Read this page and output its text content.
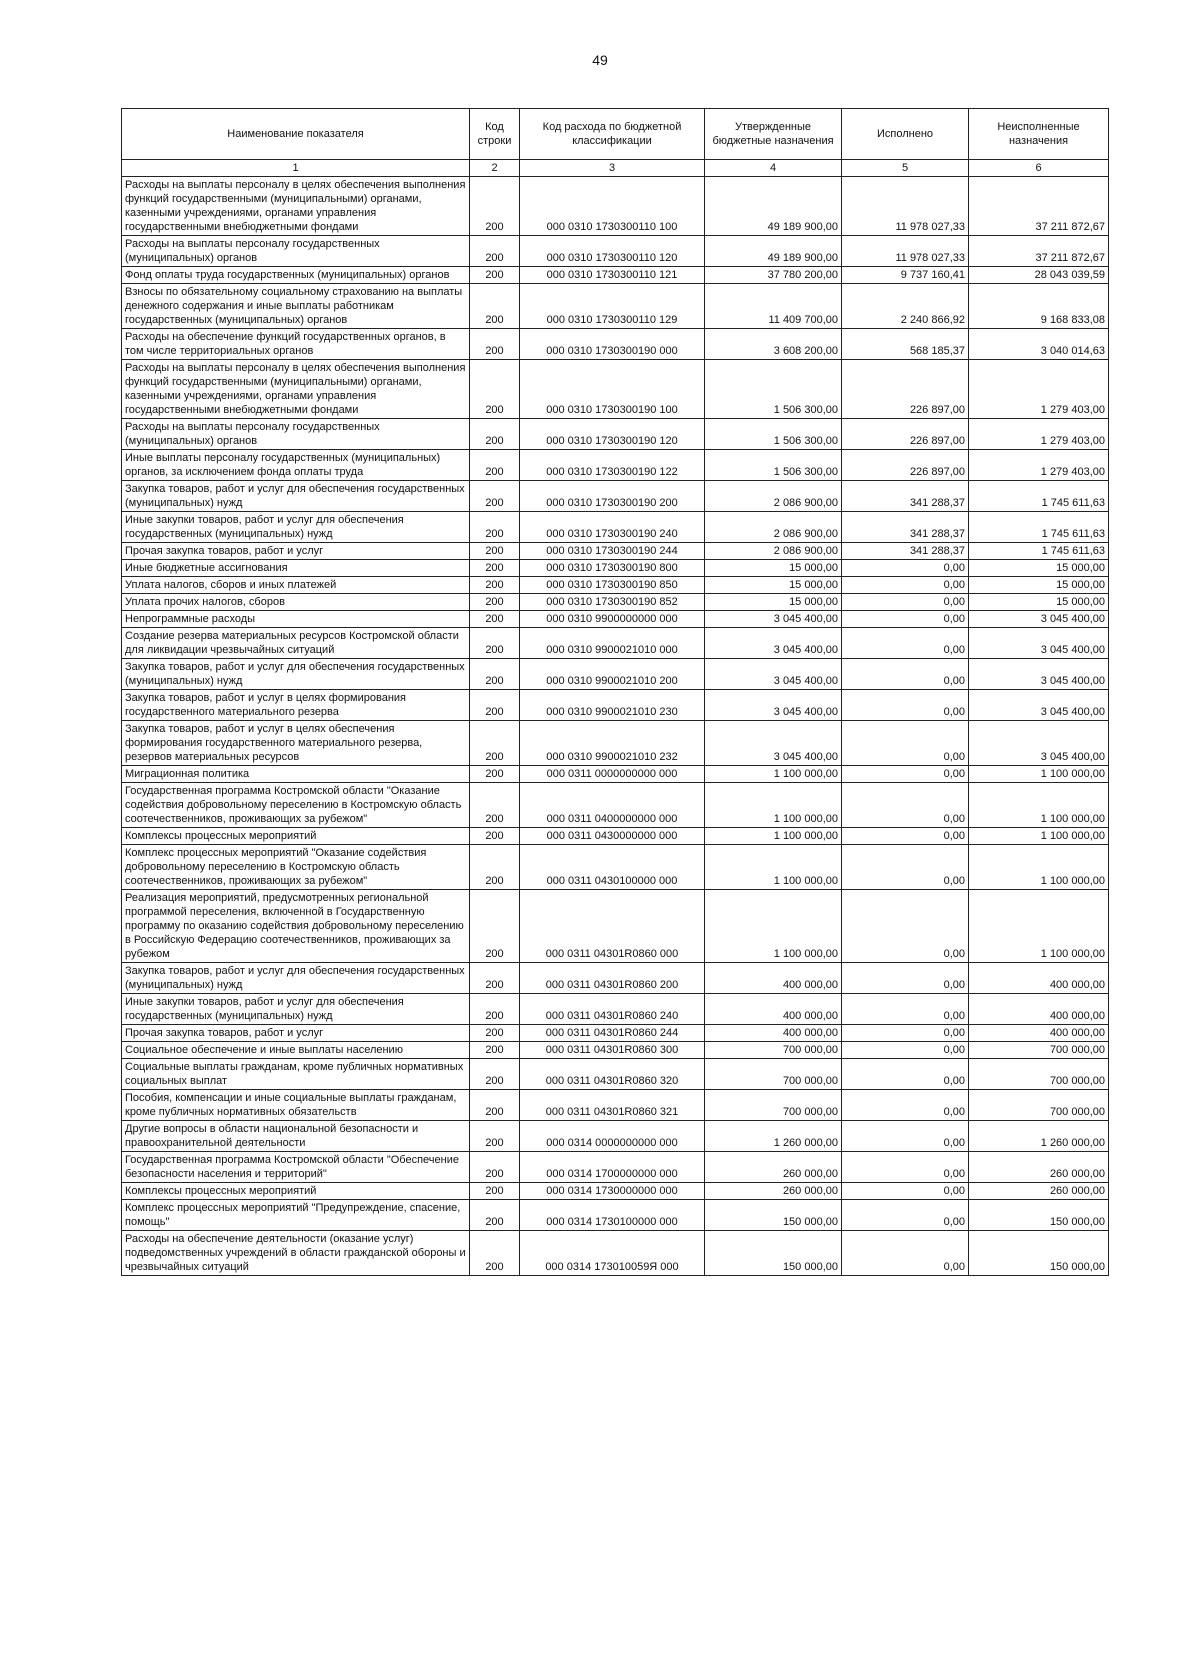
49
Наименование показателя	Код строки	Код расхода по бюджетной классификации	Утвержденные бюджетные назначения	Исполнено	Неисполненные назначения
1	2	3	4	5	6
Расходы на выплаты персоналу в целях обеспечения выполнения функций государственными (муниципальными) органами, казенными учреждениями, органами управления государственными внебюджетными фондами	200	000 0310 1730300110 100	49 189 900,00	11 978 027,33	37 211 872,67
Расходы на выплаты персоналу государственных (муниципальных) органов	200	000 0310 1730300110 120	49 189 900,00	11 978 027,33	37 211 872,67
Фонд оплаты труда государственных (муниципальных) органов	200	000 0310 1730300110 121	37 780 200,00	9 737 160,41	28 043 039,59
Взносы по обязательному социальному страхованию на выплаты денежного содержания и иные выплаты работникам государственных (муниципальных) органов	200	000 0310 1730300110 129	11 409 700,00	2 240 866,92	9 168 833,08
Расходы на обеспечение функций государственных органов, в том числе территориальных органов	200	000 0310 1730300190 000	3 608 200,00	568 185,37	3 040 014,63
Расходы на выплаты персоналу в целях обеспечения выполнения функций государственными (муниципальными) органами, казенными учреждениями, органами управления государственными внебюджетными фондами	200	000 0310 1730300190 100	1 506 300,00	226 897,00	1 279 403,00
Расходы на выплаты персоналу государственных (муниципальных) органов	200	000 0310 1730300190 120	1 506 300,00	226 897,00	1 279 403,00
Иные выплаты персоналу государственных (муниципальных) органов, за исключением фонда оплаты труда	200	000 0310 1730300190 122	1 506 300,00	226 897,00	1 279 403,00
Закупка товаров, работ и услуг для обеспечения государственных (муниципальных) нужд	200	000 0310 1730300190 200	2 086 900,00	341 288,37	1 745 611,63
Иные закупки товаров, работ и услуг для обеспечения государственных (муниципальных) нужд	200	000 0310 1730300190 240	2 086 900,00	341 288,37	1 745 611,63
Прочая закупка товаров, работ и услуг	200	000 0310 1730300190 244	2 086 900,00	341 288,37	1 745 611,63
Иные бюджетные ассигнования	200	000 0310 1730300190 800	15 000,00	0,00	15 000,00
Уплата налогов, сборов и иных платежей	200	000 0310 1730300190 850	15 000,00	0,00	15 000,00
Уплата прочих налогов, сборов	200	000 0310 1730300190 852	15 000,00	0,00	15 000,00
Непрограммные расходы	200	000 0310 9900000000 000	3 045 400,00	0,00	3 045 400,00
Создание резерва материальных ресурсов Костромской области для ликвидации чрезвычайных ситуаций	200	000 0310 9900021010 000	3 045 400,00	0,00	3 045 400,00
Закупка товаров, работ и услуг для обеспечения государственных (муниципальных) нужд	200	000 0310 9900021010 200	3 045 400,00	0,00	3 045 400,00
Закупка товаров, работ и услуг в целях формирования государственного материального резерва	200	000 0310 9900021010 230	3 045 400,00	0,00	3 045 400,00
Закупка товаров, работ и услуг в целях обеспечения формирования государственного материального резерва, резервов материальных ресурсов	200	000 0310 9900021010 232	3 045 400,00	0,00	3 045 400,00
Миграционная политика	200	000 0311 0000000000 000	1 100 000,00	0,00	1 100 000,00
Государственная программа Костромской области "Оказание содействия добровольному переселению в Костромскую область соотечественников, проживающих за рубежом"	200	000 0311 0400000000 000	1 100 000,00	0,00	1 100 000,00
Комплексы процессных мероприятий	200	000 0311 0430000000 000	1 100 000,00	0,00	1 100 000,00
Комплекс процессных мероприятий "Оказание содействия добровольному переселению в Костромскую область соотечественников, проживающих за рубежом"	200	000 0311 0430100000 000	1 100 000,00	0,00	1 100 000,00
Реализация мероприятий, предусмотренных региональной программой переселения, включенной в Государственную программу по оказанию содействия добровольному переселению в Российскую Федерацию соотечественников, проживающих за рубежом	200	000 0311 04301R0860 000	1 100 000,00	0,00	1 100 000,00
Закупка товаров, работ и услуг для обеспечения государственных (муниципальных) нужд	200	000 0311 04301R0860 200	400 000,00	0,00	400 000,00
Иные закупки товаров, работ и услуг для обеспечения государственных (муниципальных) нужд	200	000 0311 04301R0860 240	400 000,00	0,00	400 000,00
Прочая закупка товаров, работ и услуг	200	000 0311 04301R0860 244	400 000,00	0,00	400 000,00
Социальное обеспечение и иные выплаты населению	200	000 0311 04301R0860 300	700 000,00	0,00	700 000,00
Социальные выплаты гражданам, кроме публичных нормативных социальных выплат	200	000 0311 04301R0860 320	700 000,00	0,00	700 000,00
Пособия, компенсации и иные социальные выплаты гражданам, кроме публичных нормативных обязательств	200	000 0311 04301R0860 321	700 000,00	0,00	700 000,00
Другие вопросы в области национальной безопасности и правоохранительной деятельности	200	000 0314 0000000000 000	1 260 000,00	0,00	1 260 000,00
Государственная программа Костромской области "Обеспечение безопасности населения и территорий"	200	000 0314 1700000000 000	260 000,00	0,00	260 000,00
Комплексы процессных мероприятий	200	000 0314 1730000000 000	260 000,00	0,00	260 000,00
Комплекс процессных мероприятий "Предупреждение, спасение, помощь"	200	000 0314 1730100000 000	150 000,00	0,00	150 000,00
Расходы на обеспечение деятельности (оказание услуг) подведомственных учреждений в области гражданской обороны и чрезвычайных ситуаций	200	000 0314 173010059Я 000	150 000,00	0,00	150 000,00
